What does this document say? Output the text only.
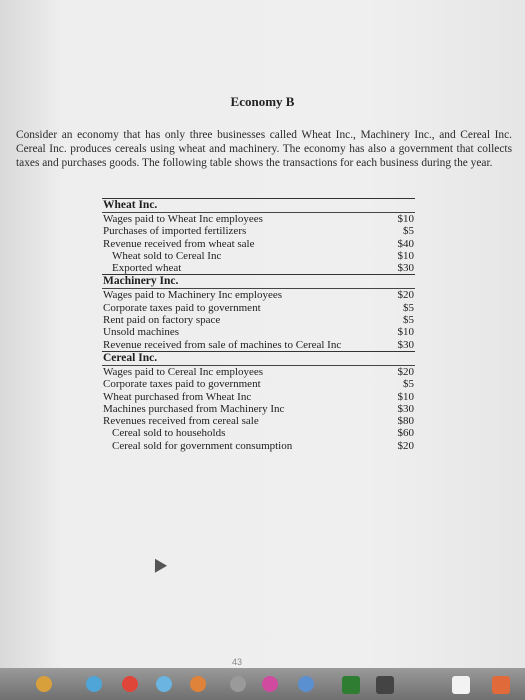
Economy B
Consider an economy that has only three businesses called Wheat Inc., Machinery Inc., and Cereal Inc. Cereal Inc. produces cereals using wheat and machinery. The economy has also a government that collects taxes and purchases goods. The following table shows the transactions for each business during the year.
Wheat Inc.
Wages paid to Wheat Inc employees	$10
Purchases of imported fertilizers	$5
Revenue received from wheat sale	$40
Wheat sold to Cereal Inc	$10
Exported wheat	$30
Machinery Inc.
Wages paid to Machinery Inc employees	$20
Corporate taxes paid to government	$5
Rent paid on factory space	$5
Unsold machines	$10
Revenue received from sale of machines to Cereal Inc	$30
Cereal Inc.
Wages paid to Cereal Inc employees	$20
Corporate taxes paid to government	$5
Wheat purchased from Wheat Inc	$10
Machines purchased from Machinery Inc	$30
Revenues received from cereal sale	$80
Cereal sold to households	$60
Cereal sold for government consumption	$20
43
